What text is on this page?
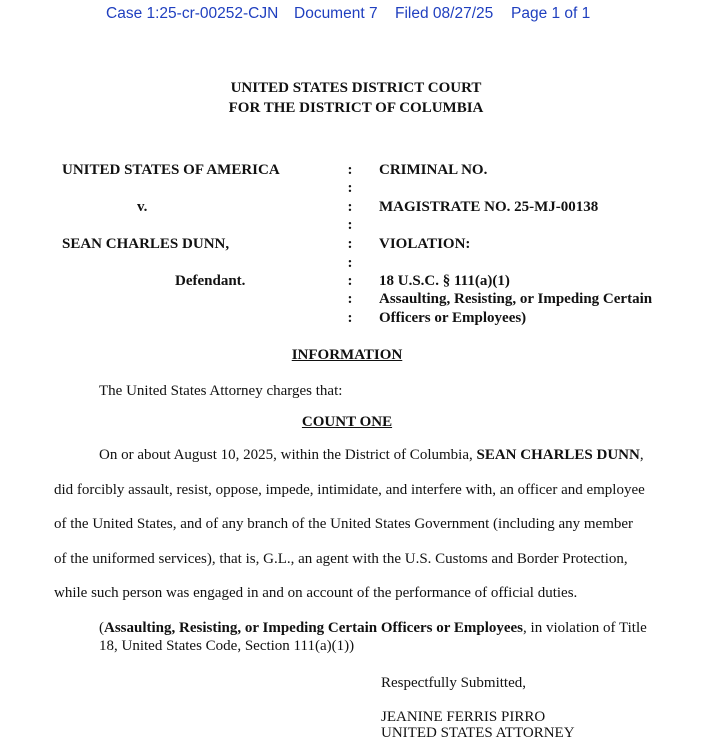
Case 1:25-cr-00252-CJN Document 7 Filed 08/27/25 Page 1 of 1
UNITED STATES DISTRICT COURT
FOR THE DISTRICT OF COLUMBIA
UNITED STATES OF AMERICA
v.
SEAN CHARLES DUNN,
Defendant.
:
:
:
:
:
:
:
:
:
CRIMINAL NO.
MAGISTRATE NO. 25-MJ-00138
VIOLATION:
18 U.S.C. § 111(a)(1)
Assaulting, Resisting, or Impeding Certain
Officers or Employees)
INFORMATION
The United States Attorney charges that:
COUNT ONE
On or about August 10, 2025, within the District of Columbia, SEAN CHARLES DUNN,
did forcibly assault, resist, oppose, impede, intimidate, and interfere with, an officer and employee
of the United States, and of any branch of the United States Government (including any member
of the uniformed services), that is, G.L., an agent with the U.S. Customs and Border Protection,
while such person was engaged in and on account of the performance of official duties.
(Assaulting, Resisting, or Impeding Certain Officers or Employees, in violation of Title
18, United States Code, Section 111(a)(1))
Respectfully Submitted,
JEANINE FERRIS PIRRO
UNITED STATES ATTORNEY
